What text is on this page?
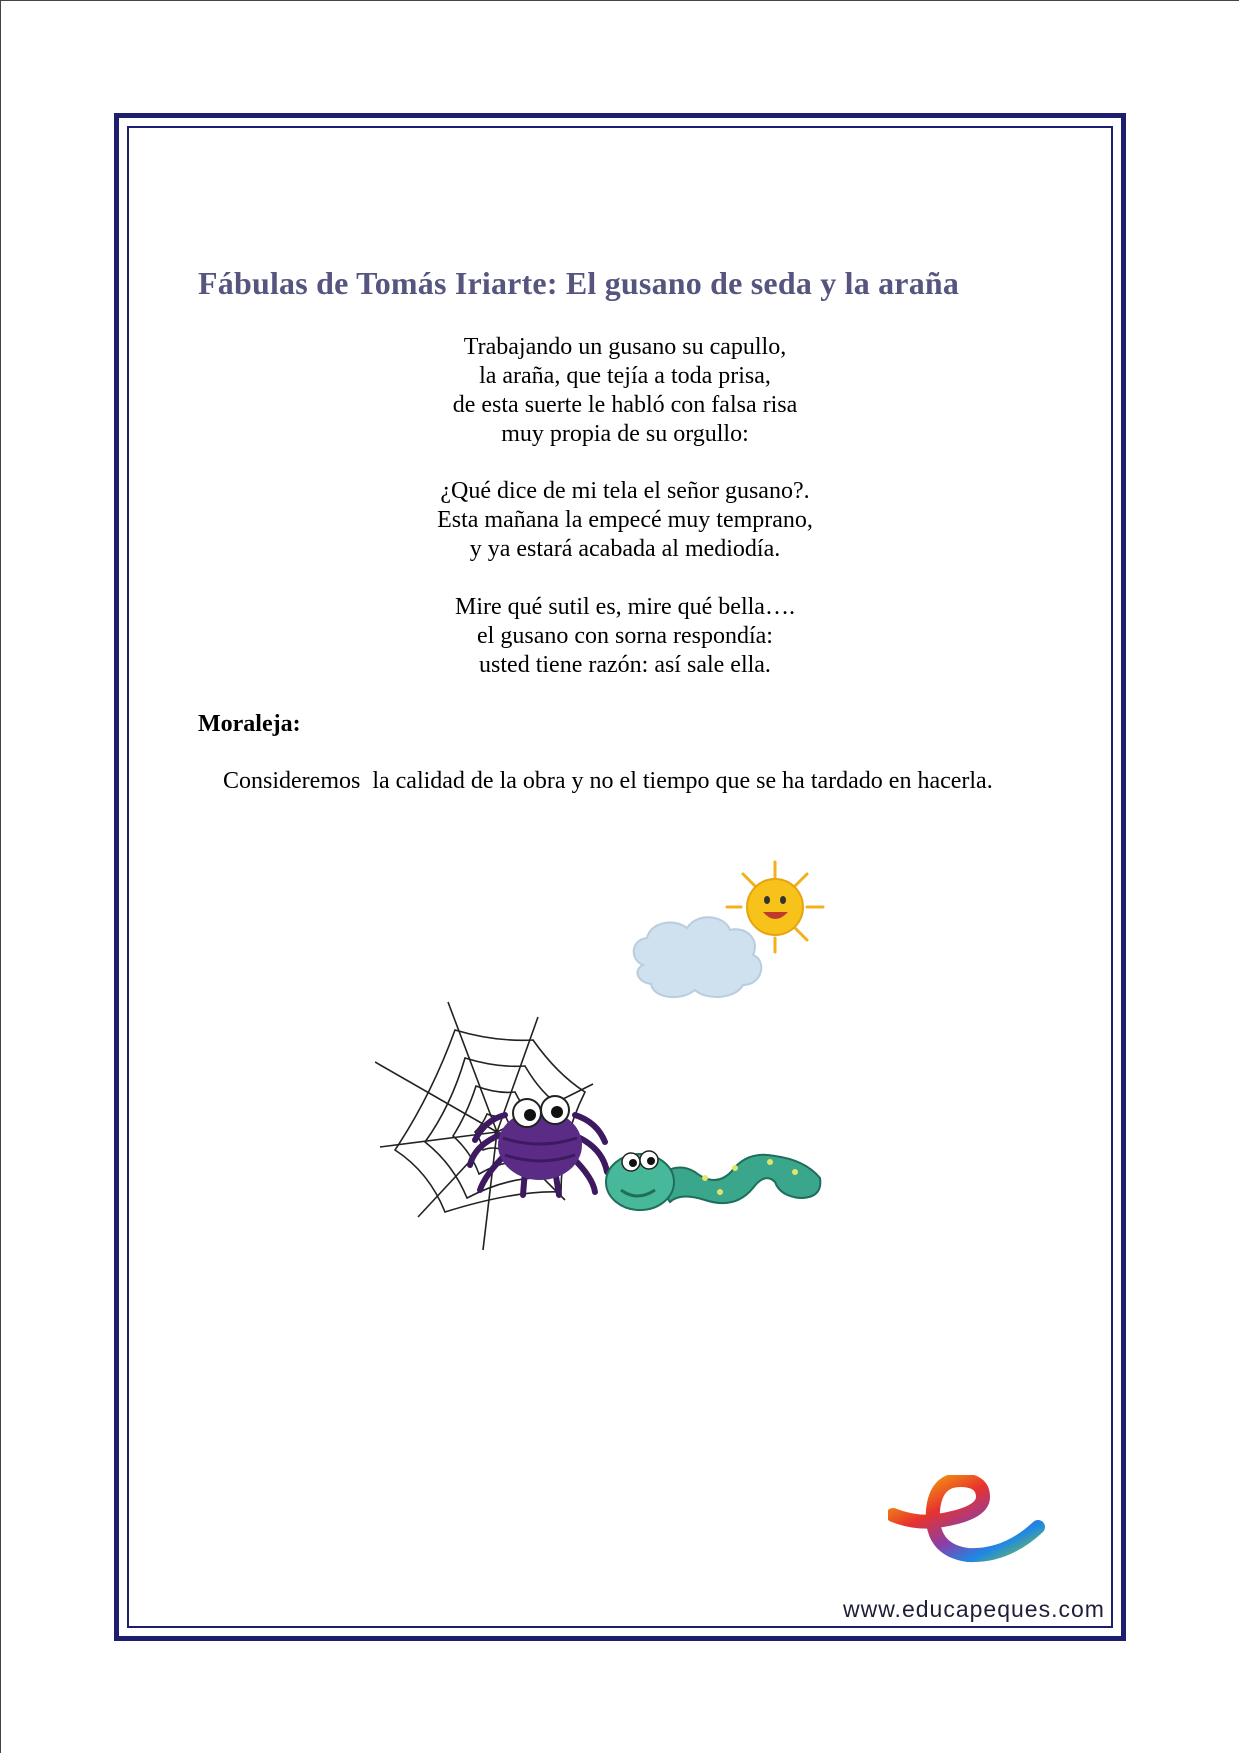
Fábulas de Tomás Iriarte: El gusano de seda y la araña
Trabajando un gusano su capullo,
la araña, que tejía a toda prisa,
de esta suerte le habló con falsa risa
muy propia de su orgullo:
¿Qué dice de mi tela el señor gusano?.
Esta mañana la empecé muy temprano,
y ya estará acabada al mediodía.
Mire qué sutil es, mire qué bella….
el gusano con sorna respondía:
usted tiene razón: así sale ella.
Moraleja:
Consideremos  la calidad de la obra y no el tiempo que se ha tardado en hacerla.
www.educapeques.com
